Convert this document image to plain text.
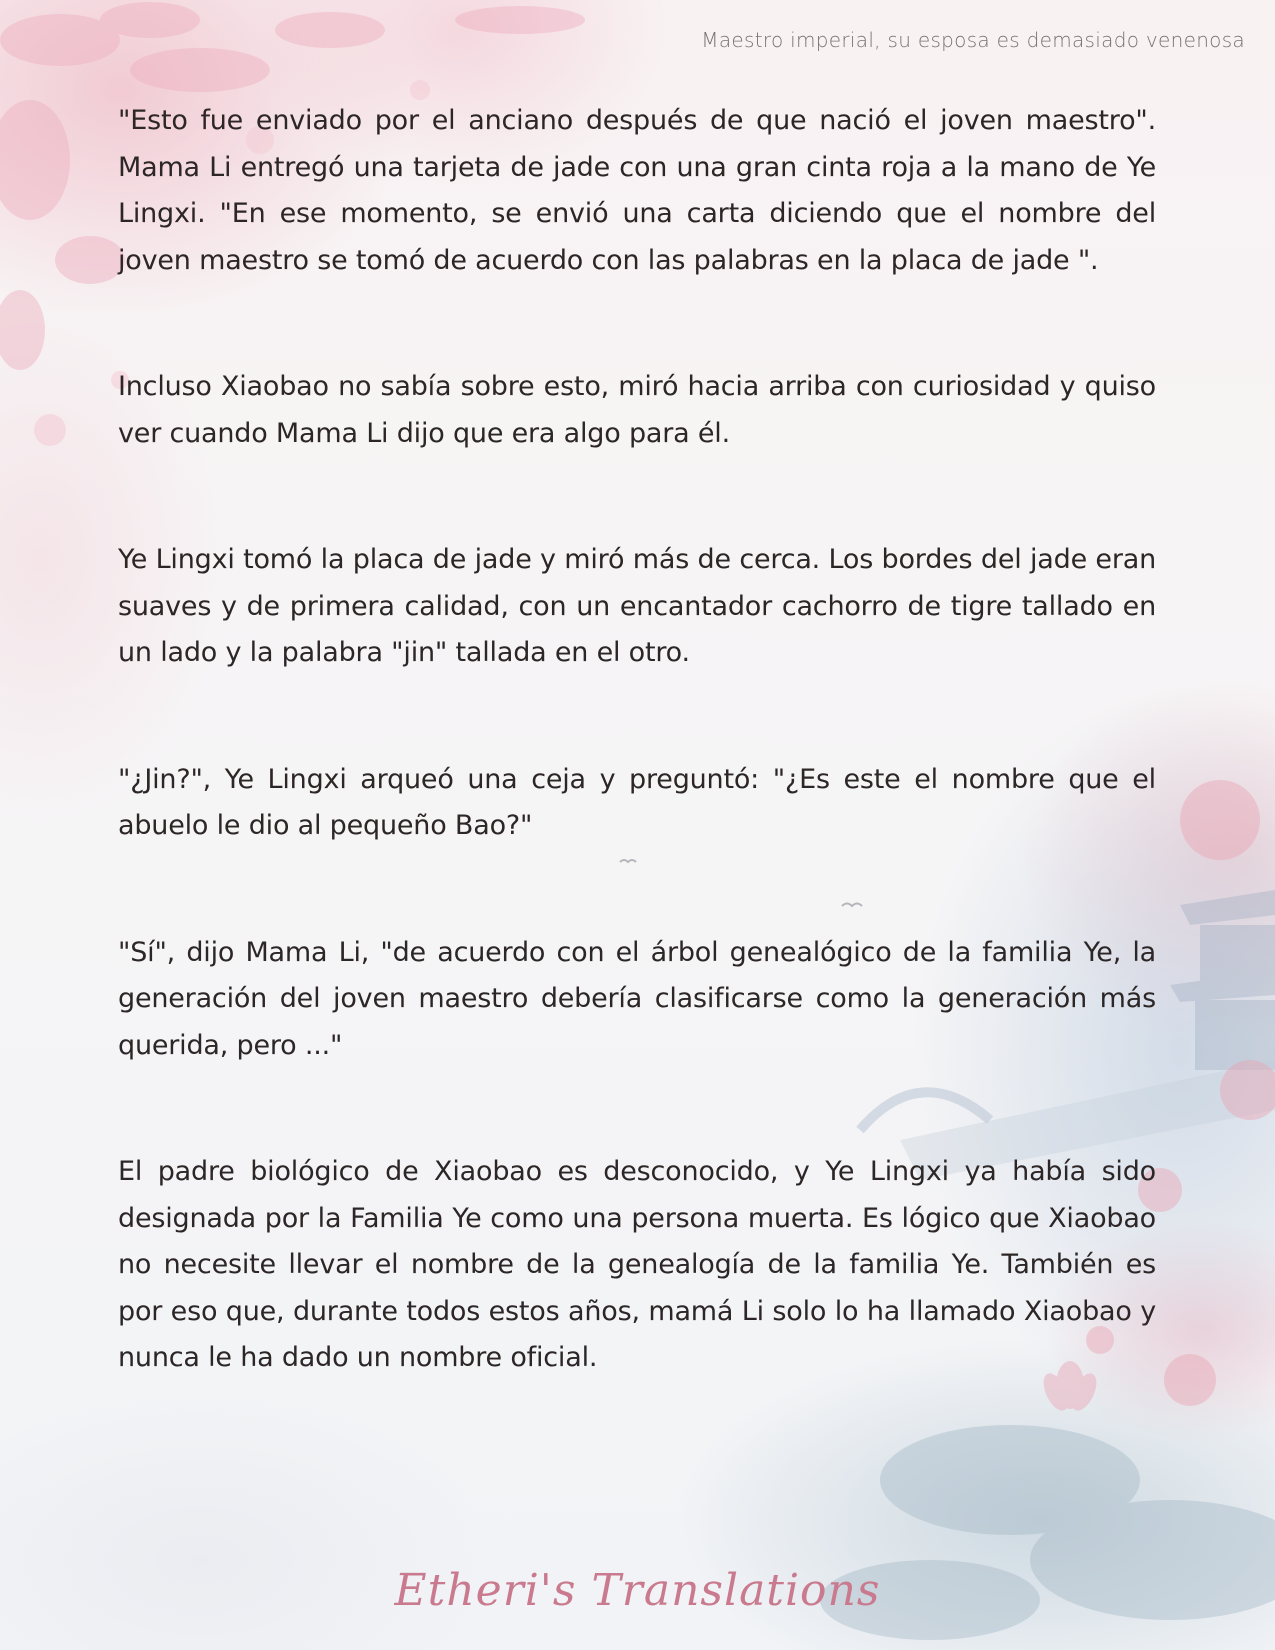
Maestro imperial, su esposa es demasiado venenosa

"Esto fue enviado por el anciano después de que nació el joven maestro". Mama Li entregó una tarjeta de jade con una gran cinta roja a la mano de Ye Lingxi. "En ese momento, se envió una carta diciendo que el nombre del joven maestro se tomó de acuerdo con las palabras en la placa de jade ".

Incluso Xiaobao no sabía sobre esto, miró hacia arriba con curiosidad y quiso ver cuando Mama Li dijo que era algo para él.

Ye Lingxi tomó la placa de jade y miró más de cerca. Los bordes del jade eran suaves y de primera calidad, con un encantador cachorro de tigre tallado en un lado y la palabra "jin" tallada en el otro.

"¿Jin?", Ye Lingxi arqueó una ceja y preguntó: "¿Es este el nombre que el abuelo le dio al pequeño Bao?"

"Sí", dijo Mama Li, "de acuerdo con el árbol genealógico de la familia Ye, la generación del joven maestro debería clasificarse como la generación más querida, pero ..."

El padre biológico de Xiaobao es desconocido, y Ye Lingxi ya había sido designada por la Familia Ye como una persona muerta. Es lógico que Xiaobao no necesite llevar el nombre de la genealogía de la familia Ye. También es por eso que, durante todos estos años, mamá Li solo lo ha llamado Xiaobao y nunca le ha dado un nombre oficial.

Etheri's Translations
